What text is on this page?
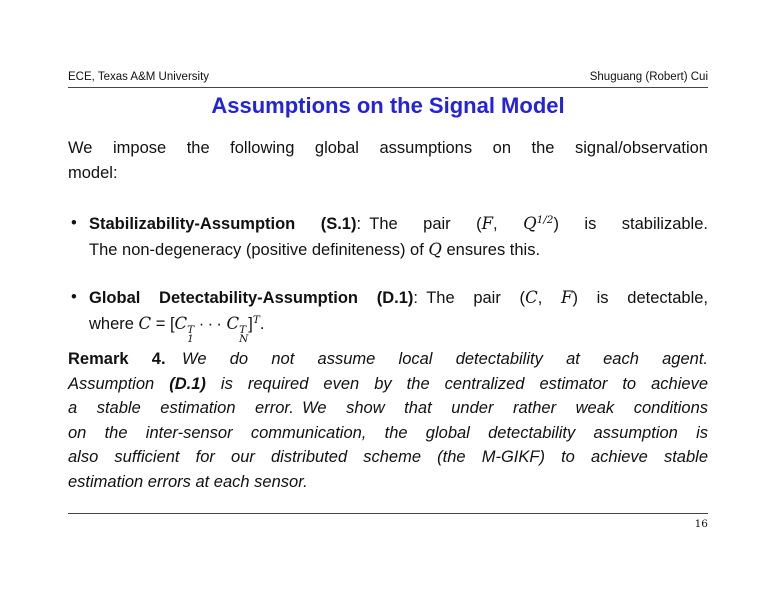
ECE, Texas A&M University	Shuguang (Robert) Cui
Assumptions on the Signal Model
We impose the following global assumptions on the signal/observation
model:
• Stabilizability-Assumption (S.1): The pair (F, $Q^{1/2}$) is stabilizable.
The non-degeneracy (positive definiteness) of Q ensures this.
• Global Detectability-Assumption (D.1): The pair (C, F) is detectable,
where C = [C T
1
· · · C T
N
]$^T$.
Remark 4.  We do not assume local detectability at each agent.
Assumption (D.1) is required even by the centralized estimator to achieve
a stable estimation error. We show that under rather weak conditions
on the inter-sensor communication, the global detectability assumption is
also sufficient for our distributed scheme (the M-GIKF) to achieve stable
estimation errors at each sensor.
16
